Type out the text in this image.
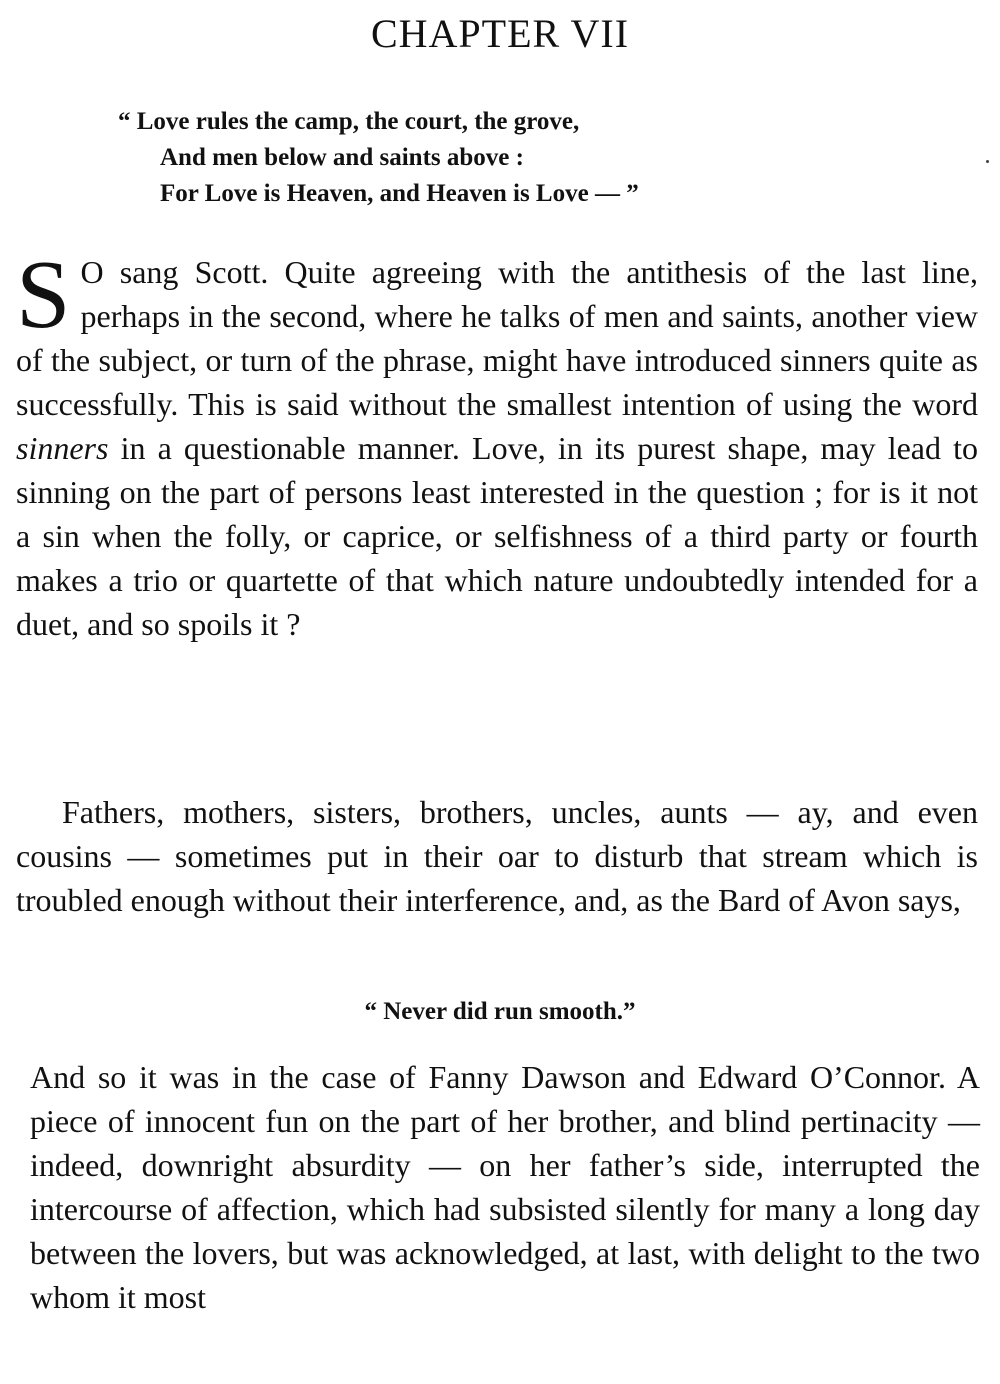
CHAPTER VII
“ Love rules the camp, the court, the grove,
And men below and saints above :
For Love is Heaven, and Heaven is Love — ”
S O sang Scott. Quite agreeing with the antithesis of the last line, perhaps in the second, where he talks of men and saints, another view of the subject, or turn of the phrase, might have introduced sinners quite as successfully. This is said without the smallest intention of using the word sinners in a questionable manner. Love, in its purest shape, may lead to sinning on the part of persons least interested in the question ; for is it not a sin when the folly, or caprice, or selfishness of a third party or fourth makes a trio or quartette of that which nature undoubtedly intended for a duet, and so spoils it ?
Fathers, mothers, sisters, brothers, uncles, aunts — ay, and even cousins — sometimes put in their oar to disturb that stream which is troubled enough without their interference, and, as the Bard of Avon says,
“ Never did run smooth.”
And so it was in the case of Fanny Dawson and Edward O’Connor. A piece of innocent fun on the part of her brother, and blind pertinacity — indeed, downright absurdity — on her father’s side, interrupted the intercourse of affection, which had subsisted silently for many a long day between the lovers, but was acknowledged, at last, with delight to the two whom it most
